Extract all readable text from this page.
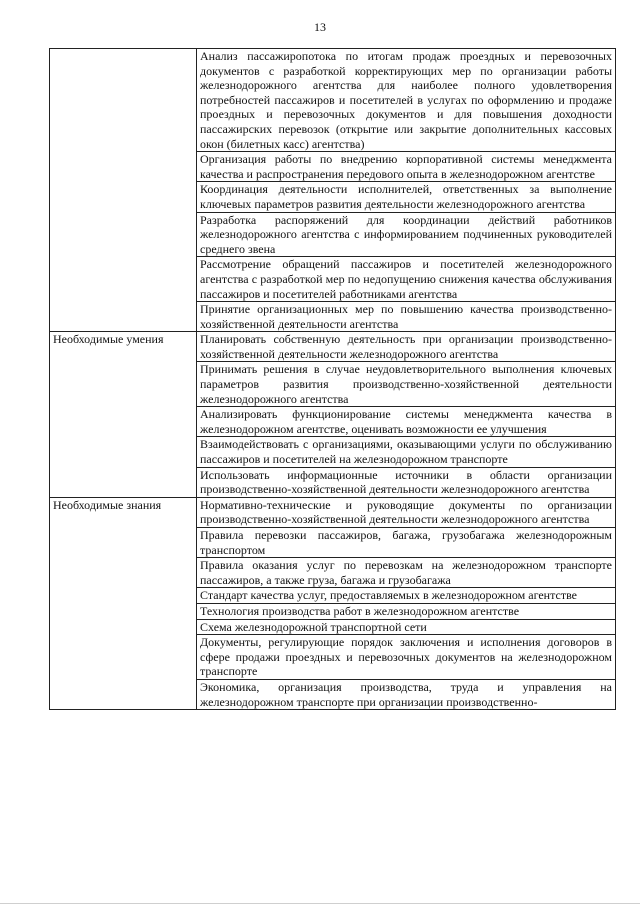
13
	Анализ пассажиропотока по итогам продаж проездных и перевозочных документов с разработкой корректирующих мер по организации работы железнодорожного агентства для наиболее полного удовлетворения потребностей пассажиров и посетителей в услугах по оформлению и продаже проездных и перевозочных документов и для повышения доходности пассажирских перевозок (открытие или закрытие дополнительных кассовых окон (билетных касс) агентства)
	Организация работы по внедрению корпоративной системы менеджмента качества и распространения передового опыта в железнодорожном агентстве
	Координация деятельности исполнителей, ответственных за выполнение ключевых параметров развития деятельности железнодорожного агентства
	Разработка распоряжений для координации действий работников железнодорожного агентства с информированием подчиненных руководителей среднего звена
	Рассмотрение обращений пассажиров и посетителей железнодорожного агентства с разработкой мер по недопущению снижения качества обслуживания пассажиров и посетителей работниками агентства
	Принятие организационных мер по повышению качества производственно-хозяйственной деятельности агентства
Необходимые умения	Планировать собственную деятельность при организации производственно-хозяйственной деятельности железнодорожного агентства
	Принимать решения в случае неудовлетворительного выполнения ключевых параметров развития производственно-хозяйственной деятельности железнодорожного агентства
	Анализировать функционирование системы менеджмента качества в железнодорожном агентстве, оценивать возможности ее улучшения
	Взаимодействовать с организациями, оказывающими услуги по обслуживанию пассажиров и посетителей на железнодорожном транспорте
	Использовать информационные источники в области организации производственно-хозяйственной деятельности железнодорожного агентства
Необходимые знания	Нормативно-технические и руководящие документы по организации производственно-хозяйственной деятельности железнодорожного агентства
	Правила перевозки пассажиров, багажа, грузобагажа железнодорожным транспортом
	Правила оказания услуг по перевозкам на железнодорожном транспорте пассажиров, а также груза, багажа и грузобагажа
	Стандарт качества услуг, предоставляемых в железнодорожном агентстве
	Технология производства работ в железнодорожном агентстве
	Схема железнодорожной транспортной сети
	Документы, регулирующие порядок заключения и исполнения договоров в сфере продажи проездных и перевозочных документов на железнодорожном транспорте
	Экономика, организация производства, труда и управления на железнодорожном транспорте при организации производственно-
